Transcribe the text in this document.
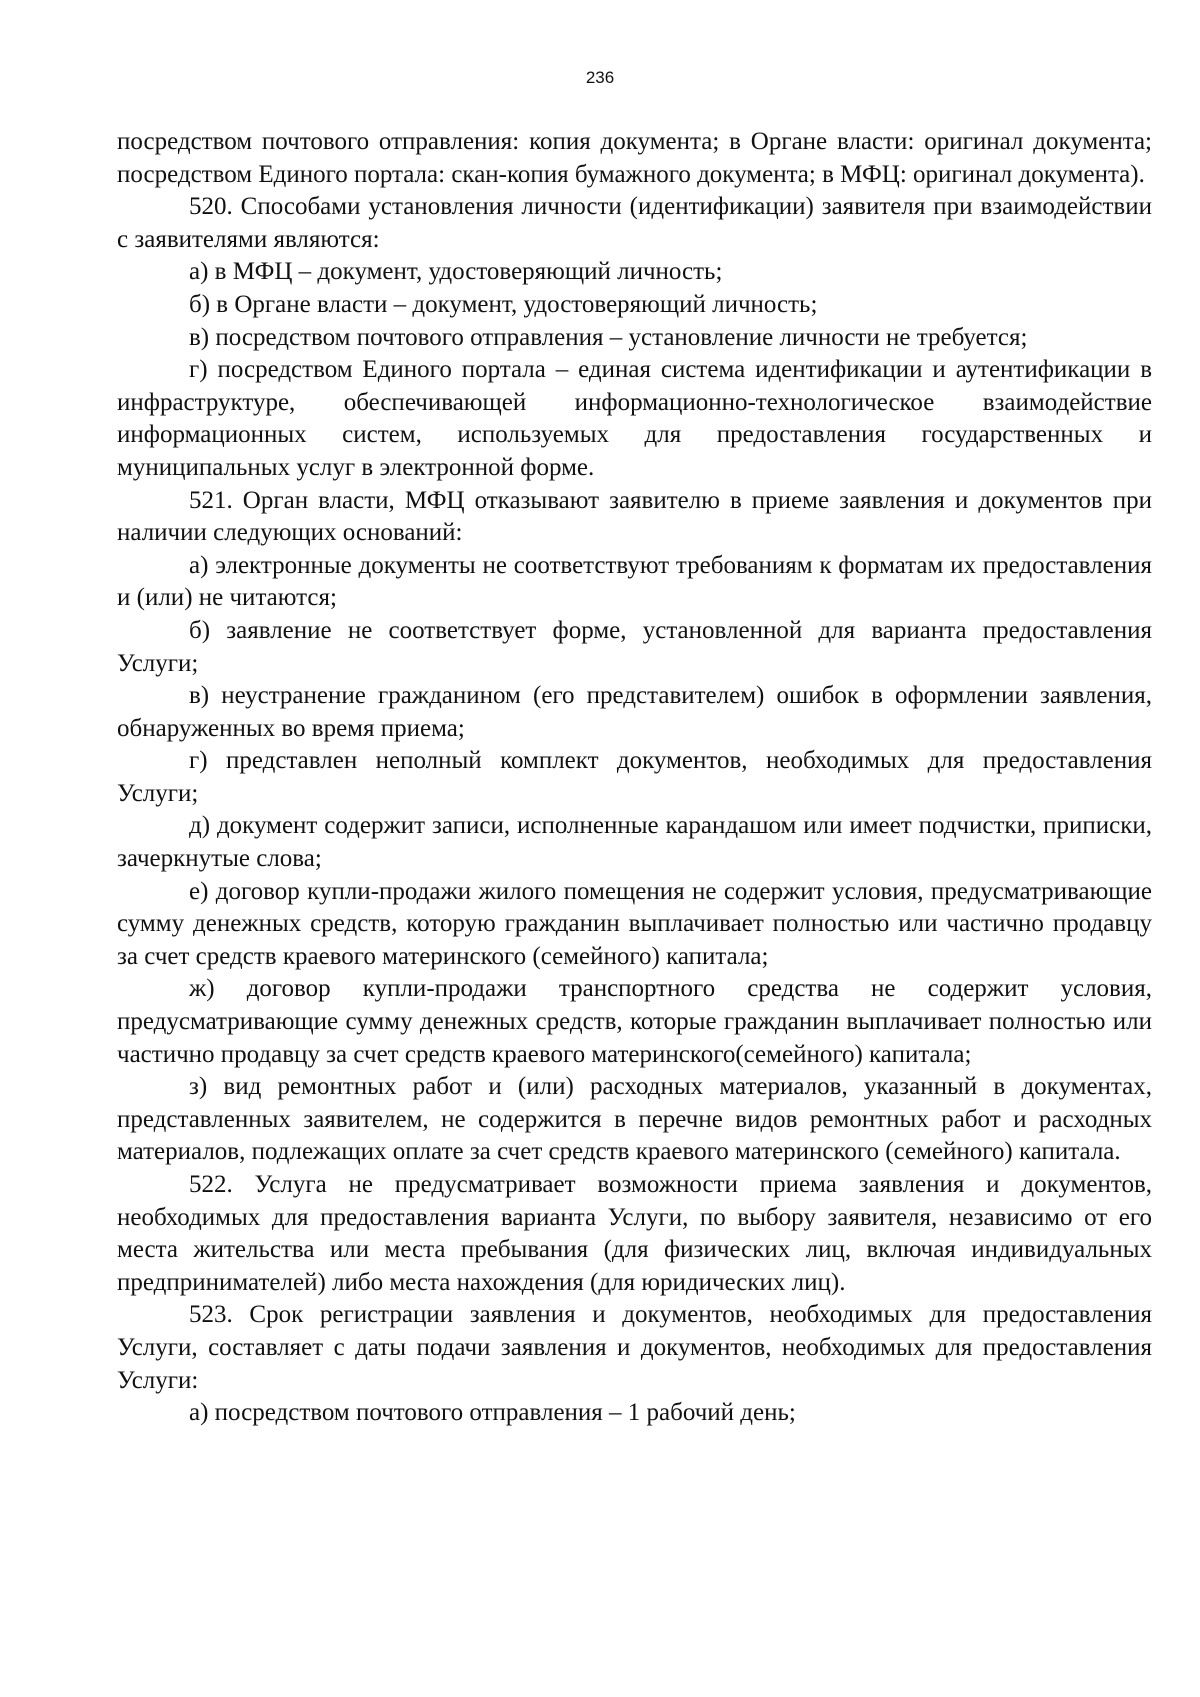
236

посредством почтового отправления: копия документа; в Органе власти: оригинал документа; посредством Единого портала: скан-копия бумажного документа; в МФЦ: оригинал документа).

520. Способами установления личности (идентификации) заявителя при взаимодействии с заявителями являются:

а) в МФЦ – документ, удостоверяющий личность;

б) в Органе власти – документ, удостоверяющий личность;

в) посредством почтового отправления – установление личности не требуется;

г) посредством Единого портала – единая система идентификации и аутентификации в инфраструктуре, обеспечивающей информационно-технологическое взаимодействие информационных систем, используемых для предоставления государственных и муниципальных услуг в электронной форме.

521. Орган власти, МФЦ отказывают заявителю в приеме заявления и документов при наличии следующих оснований:

а) электронные документы не соответствуют требованиям к форматам их предоставления и (или) не читаются;

б) заявление не соответствует форме, установленной для варианта предоставления Услуги;

в) неустранение гражданином (его представителем) ошибок в оформлении заявления, обнаруженных во время приема;

г) представлен неполный комплект документов, необходимых для предоставления Услуги;

д) документ содержит записи, исполненные карандашом или имеет подчистки, приписки, зачеркнутые слова;

е) договор купли-продажи жилого помещения не содержит условия, предусматривающие сумму денежных средств, которую гражданин выплачивает полностью или частично продавцу за счет средств краевого материнского (семейного) капитала;

ж) договор купли-продажи транспортного средства не содержит условия, предусматривающие сумму денежных средств, которые гражданин выплачивает полностью или частично продавцу за счет средств краевого материнского(семейного) капитала;

з) вид ремонтных работ и (или) расходных материалов, указанный в документах, представленных заявителем, не содержится в перечне видов ремонтных работ и расходных материалов, подлежащих оплате за счет средств краевого материнского (семейного) капитала.

522. Услуга не предусматривает возможности приема заявления и документов, необходимых для предоставления варианта Услуги, по выбору заявителя, независимо от его места жительства или места пребывания (для физических лиц, включая индивидуальных предпринимателей) либо места нахождения (для юридических лиц).

523. Срок регистрации заявления и документов, необходимых для предоставления Услуги, составляет с даты подачи заявления и документов, необходимых для предоставления Услуги:

а) посредством почтового отправления – 1 рабочий день;
